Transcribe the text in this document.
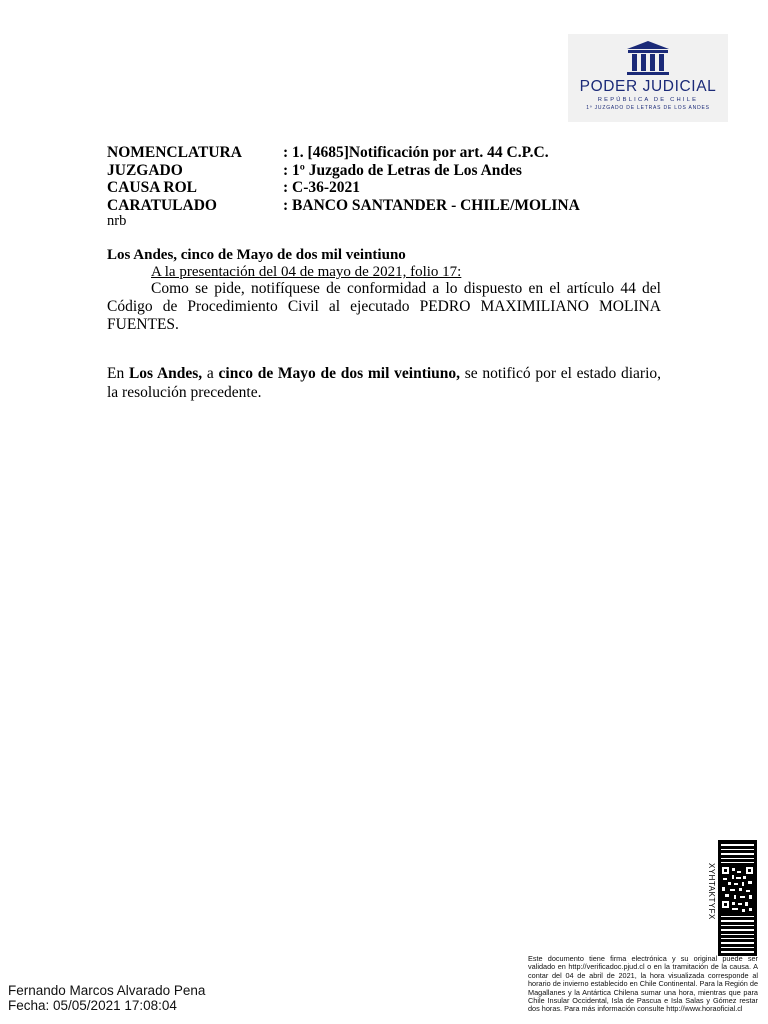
PODER JUDICIAL
REPÚBLICA DE CHILE
1º JUZGADO DE LETRAS DE LOS ANDES
NOMENCLATURA	: 1. [4685]Notificación por art. 44 C.P.C.
JUZGADO	: 1º Juzgado de Letras de Los Andes
CAUSA ROL	: C-36-2021
CARATULADO	: BANCO SANTANDER - CHILE/MOLINA
nrb
Los Andes, cinco de Mayo de dos mil veintiuno
A la presentación del 04 de mayo de 2021, folio 17:
Como se pide, notifíquese de conformidad a lo dispuesto en el artículo 44 del Código de Procedimiento Civil al ejecutado PEDRO MAXIMILIANO MOLINA FUENTES.
En Los Andes, a cinco de Mayo de dos mil veintiuno, se notificó por el estado diario, la resolución precedente.
XYHTAKTYFX
Este documento tiene firma electrónica y su original puede ser validado en http://verificadoc.pjud.cl o en la tramitación de la causa. A contar del 04 de abril de 2021, la hora visualizada corresponde al horario de invierno establecido en Chile Continental. Para la Región de Magallanes y la Antártica Chilena sumar una hora, mientras que para Chile Insular Occidental, Isla de Pascua e Isla Salas y Gómez restar dos horas. Para más información consulte http://www.horaoficial.cl
Fernando Marcos Alvarado Pena
Fecha: 05/05/2021 17:08:04
